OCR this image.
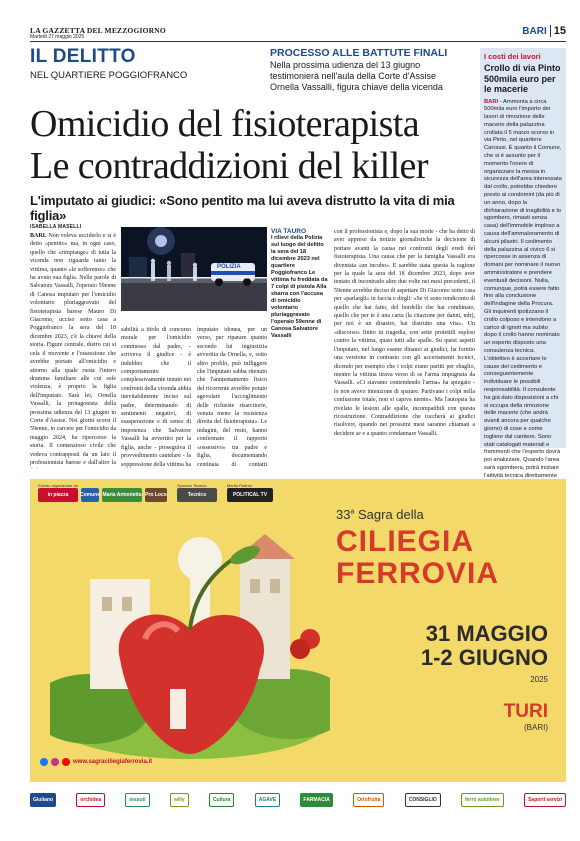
LA GAZZETTA DEL MEZZOGIORNO
Martedì 27 maggio 2025
BARI 15
IL DELITTO
NEL QUARTIERE POGGIOFRANCO
PROCESSO ALLE BATTUTE FINALI
Nella prossima udienza del 13 giugno testimonierà nell'aula della Corte d'Assise Ornella Vassalli, figura chiave della vicenda
Omicidio del fisioterapista
Le contraddizioni del killer
L'imputato ai giudici: «Sono pentito ma lui aveva distrutto la vita di mia figlia»
ISABELLA MASELLI
BARI. Non voleva ucciderlo e si è detto «pentito» ma, in ogni caso, quello che «rimpiange» di tutta la vicenda non riguarda tanto la vittima, quanto «le sofferenze» che ha avuto sua figlia. Nelle parole di Salvatore Vassalli, l'operaio 59enne di Canosa imputato per l'omicidio volontario pluriaggravato del fisioterapista barese Mauro Di Giacomo, ucciso sotto casa a Poggiofranco la sera del 18 dicembre 2023, c'è la chiave della storia. Figure centrale, dietro cui si cela il movente e l'ossessione che avrebbe portato all'omicidio e attorno alla quale ruota l'intero dramma familiare alle cui sole violenza, è proprio la figlia dell'imputato. Sarà lei, Ornella Vassalli, la protagonista della prossima udienza del 13 giugno in Corte d'Assise. Nei giorni scorsi il 59enne, in carcere per l'omicidio da maggio 2024, ha ripercorso la storia. Il contenzioso civile che vedeva contrapposti da un lato il professionista barese e dall'altro la
POLIZIA
VIA TAURO
I rilievi della Polizia sul luogo del delitto la sera del 18 dicembre 2023 nel quartiere Poggiofranco Le vittima fu freddata da 7 colpi di pistola Alla sbarra con l'accusa di omicidio volontario pluriaggravato l'operaio 59enne di Canosa Salvatore Vassalli
sabilità a titolo di concorso morale per l'omicidio commesso dal padre, - scriveva il giudice - è indubbio che il comportamento complessivamente tenuto nei confronti della vicenda abbia inevitabilmente inciso sul padre, determinando di sentimenti negativi, di esasperazione e di senso di impotenza che Salvatore Vassalli ha avvertito per la figlia, anche - proseguiva il provvedimento cautelare - la soppressione della vittima ha
imputato idonea, per un verso, per riparare quanto secondo lui ingiustizia avvertita da Ornella, e, sotto altro profilo, può infliggere che l'imputato sabba ritenuto che l'annientamento fisico del ricorrente avrebbe potuto agevolare l'accoglimento delle richieste risarcitorie, venuta meno la resistenza diretta del fisioterapista». Le indagini, del resto, hanno confermato il rapporto «ossessivo» tra padre e figlia, documentando centinaia di contatti
con il professionista e, dopo la sua morte - che ha detto di aver appreso da notizie giornalistiche la decisione di portare avanti la causa nei confronti degli eredi del fisioterapista. Una causa che per la famiglia Vassalli era diventata «un incubo». E sarebbe stata questa la ragione per la quale la sera del 18 dicembre 2023, dopo aver tentato di incontrarlo altre due volte nei mesi precedenti, il 59enne avrebbe deciso di aspettare Di Giacomo sotto casa per «parlargli» in faccia e dirgli: «Se vi sono rendiconto di quello che hai fatto, del bordello che hai combinato, quello che per te è una carta (la citazione per danni, ndr), per noi è un disastro, hai distrutto una vita». Un «discorso» finito in tragedia, con sette proiettili esplosi contro la vittima, quasi tutti alle spalle. Su quest aspetti l'imputato, nel lungo esame dinanzi ai giudici, ha fornito una versione in contrasto con gli accertamenti tecnici, dicendo per esempio che i colpi erano partiti per sbaglio, mentre la vittima tirava verso di se l'arma impugnata da Vassalli. «Ci stavamo contendendo l'arma» ha spiegato - lo non avevo intenzione di sparare. Partivano i colpi nella confusione totale, non si capiva niente». Ma l'autopsia ha rivelato le lesioni alle spalle, incompatibili con questa ricostruzione. Contraddizione che toccherà ai giudici risolvere, quando nei prossimi mesi saranno chiamati a decidere se e a quanto condannare Vassalli.
I costi dei lavori
Crollo di via Pinto 500mila euro per le macerie
BARI - Ammonta a circa 500mila euro l'importo dei lavori di rimozione delle macerie della palazzina crollata il 5 marzo scorso in via Pinto, nel quartiere Carrassi. È quanto il Comune, che si è assunto per il momento l'onere di organizzare la messa in sicurezza dell'area interessata dal crollo, potrebbe chiedere presto ai condomini (da più di un anno, dopo la dichiarazione di inagibilità e lo sgombero, rimasti senza casa) dell'immobile imploso a causa dell'ammaloramento di alcuni pilastri. Il cedimento della palazzina al civico 6 si ripercosse in assenza di domani per nominare il nuovo amministratore e prendere eventuali decisioni. Nulla, comunque, potrà essere fatto fino alla conclusione dell'indagine della Procura. Gli inquirenti ipotizzano il crollo colposo e intendono a carico di ignoti ma subito dopo il crollo hanno nominato un esperto disposto una consulenza tecnica. L'obiettivo è accertare le cause del cedimento e conseguentemente individuare le possibili responsabilità. Il consulente ha già dato disposizioni a chi si occupa della rimozione delle macerie (che andrà avanti ancora per qualche giorno) di cose e come togliere dal cantiere. Sono stati catalogati materiali e frammenti che l'esperto dovrà poi analizzare. Quando l'area sarà sgombera, potrà iniziare l'attività tecnica direttamente
Evento organizzato da
in piazza	Comune Maria Antonietta Pro Loco
Sponsor Tecnico
Tecnico
Media Partner
POLITICAL TV
33$^a$ Sagra della
CILIEGIA
FERROVIA
31 MAGGIO
1-2 GIUGNO
2025
TURI
(BARI)
www.sagraciliegiaferrovia.it
Giuliano	orchidea	tessuti	willy	Cultura	AGAVE	FARMACIA	Ortofrutta	CONSIGLIO	ferro autolinee	Saporil servizi
